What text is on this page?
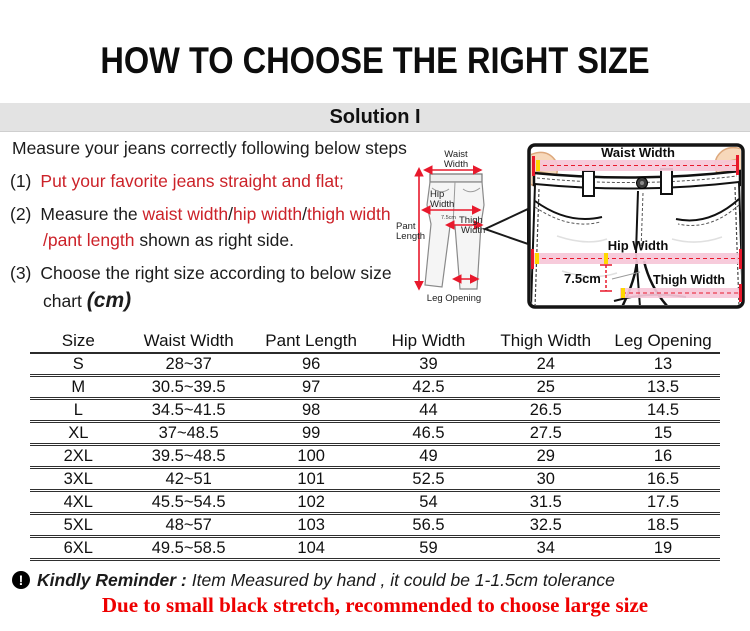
HOW TO CHOOSE THE RIGHT SIZE
Solution I
Measure your jeans correctly following below steps
(1) Put your favorite jeans straight and flat;
(2) Measure the waist width/hip width/thigh width
/pant length shown as right side.
(3) Choose the right size according to below size
chart (cm)
Waist
Width
Pant
Length
Hip
Width
7.5cm Thigh
Width
Leg Opening
Waist Width
Hip Width
7.5cm	Thigh Width
Size	Waist Width	Pant Length	Hip Width	Thigh Width	Leg Opening
S	28~37	96	39	24	13
M	30.5~39.5	97	42.5	25	13.5
L	34.5~41.5	98	44	26.5	14.5
XL	37~48.5	99	46.5	27.5	15
2XL	39.5~48.5	100	49	29	16
3XL	42~51	101	52.5	30	16.5
4XL	45.5~54.5	102	54	31.5	17.5
5XL	48~57	103	56.5	32.5	18.5
6XL	49.5~58.5	104	59	34	19
! Kindly Reminder : Item Measured by hand , it could be 1-1.5cm tolerance
Due to small black stretch, recommended to choose large size
